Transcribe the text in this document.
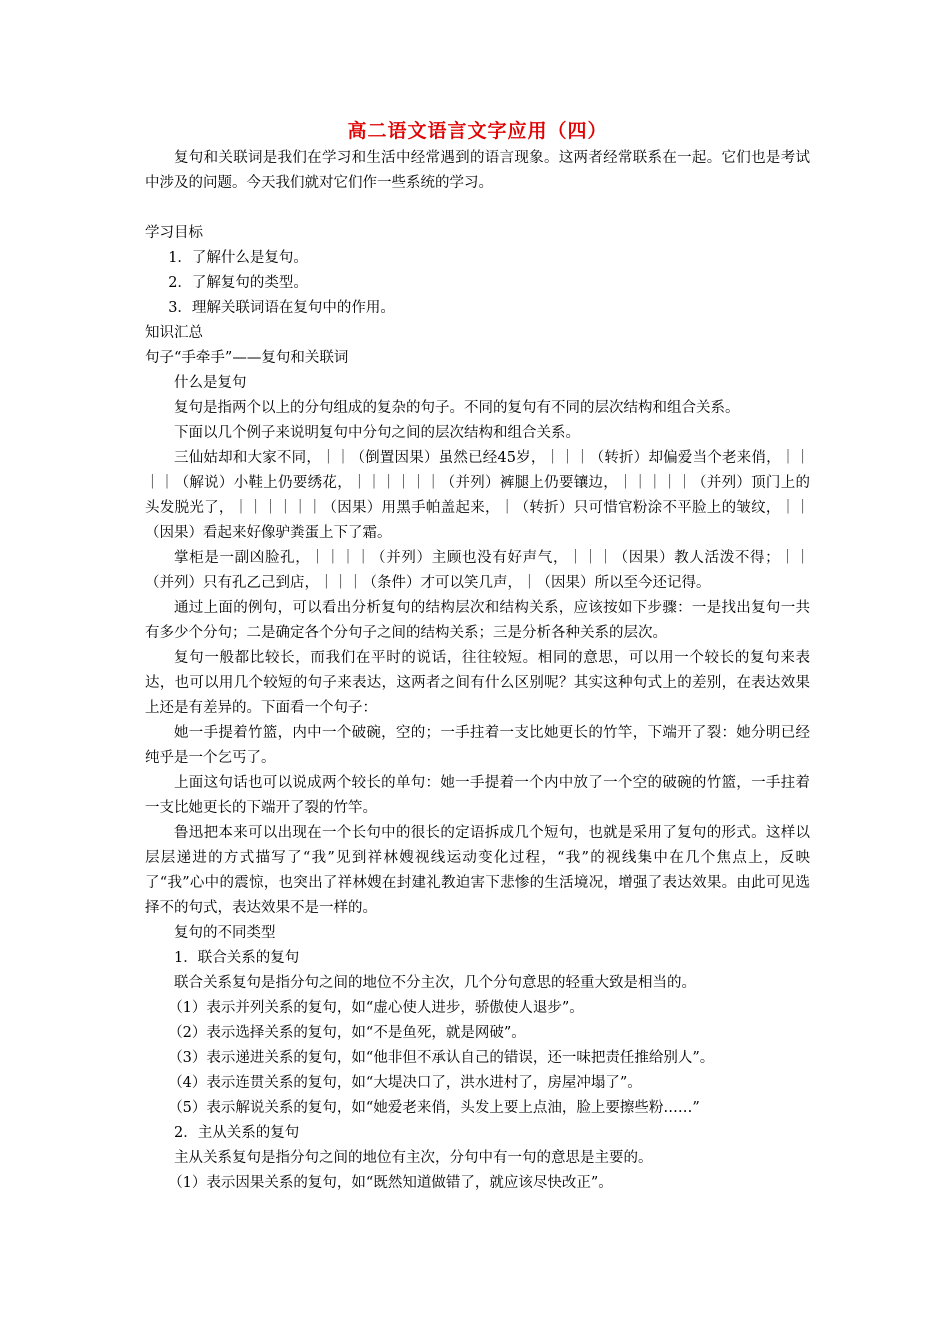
高二语文语言文字应用（四）

复句和关联词是我们在学习和生活中经常遇到的语言现象。这两者经常联系在一起。它们也是考试中涉及的问题。今天我们就对它们作一些系统的学习。

学习目标

1．了解什么是复句。

2．了解复句的类型。

3．理解关联词语在复句中的作用。

知识汇总

句子“手牵手”——复句和关联词

什么是复句

复句是指两个以上的分句组成的复杂的句子。不同的复句有不同的层次结构和组合关系。

下面以几个例子来说明复句中分句之间的层次结构和组合关系。

三仙姑却和大家不同，｜｜（倒置因果）虽然已经45岁，｜｜｜（转折）却偏爱当个老来俏，｜｜｜｜（解说）小鞋上仍要绣花，｜｜｜｜｜｜（并列）裤腿上仍要镶边，｜｜｜｜｜（并列）顶门上的头发脱光了，｜｜｜｜｜｜（因果）用黑手帕盖起来，｜（转折）只可惜官粉涂不平脸上的皱纹，｜｜（因果）看起来好像驴粪蛋上下了霜。

掌柜是一副凶脸孔，｜｜｜｜（并列）主顾也没有好声气，｜｜｜（因果）教人活泼不得；｜｜（并列）只有孔乙己到店，｜｜｜（条件）才可以笑几声，｜（因果）所以至今还记得。

通过上面的例句，可以看出分析复句的结构层次和结构关系，应该按如下步骤：一是找出复句一共有多少个分句；二是确定各个分句子之间的结构关系；三是分析各种关系的层次。

复句一般都比较长，而我们在平时的说话，往往较短。相同的意思，可以用一个较长的复句来表达，也可以用几个较短的句子来表达，这两者之间有什么区别呢？其实这种句式上的差别，在表达效果上还是有差异的。下面看一个句子：

她一手提着竹篮，内中一个破碗，空的；一手拄着一支比她更长的竹竿，下端开了裂：她分明已经纯乎是一个乞丐了。

上面这句话也可以说成两个较长的单句：她一手提着一个内中放了一个空的破碗的竹篮，一手拄着一支比她更长的下端开了裂的竹竿。

鲁迅把本来可以出现在一个长句中的很长的定语拆成几个短句，也就是采用了复句的形式。这样以层层递进的方式描写了“我”见到祥林嫂视线运动变化过程，“我”的视线集中在几个焦点上，反映了“我”心中的震惊，也突出了祥林嫂在封建礼教迫害下悲惨的生活境况，增强了表达效果。由此可见选择不的句式，表达效果不是一样的。

复句的不同类型

1．联合关系的复句

联合关系复句是指分句之间的地位不分主次，几个分句意思的轻重大致是相当的。

（1）表示并列关系的复句，如“虚心使人进步，骄傲使人退步”。

（2）表示选择关系的复句，如“不是鱼死，就是网破”。

（3）表示递进关系的复句，如“他非但不承认自己的错误，还一味把责任推给别人”。

（4）表示连贯关系的复句，如“大堤决口了，洪水进村了，房屋冲塌了”。

（5）表示解说关系的复句，如“她爱老来俏，头发上要上点油，脸上要擦些粉……”

2．主从关系的复句

主从关系复句是指分句之间的地位有主次，分句中有一句的意思是主要的。

（1）表示因果关系的复句，如“既然知道做错了，就应该尽快改正”。
